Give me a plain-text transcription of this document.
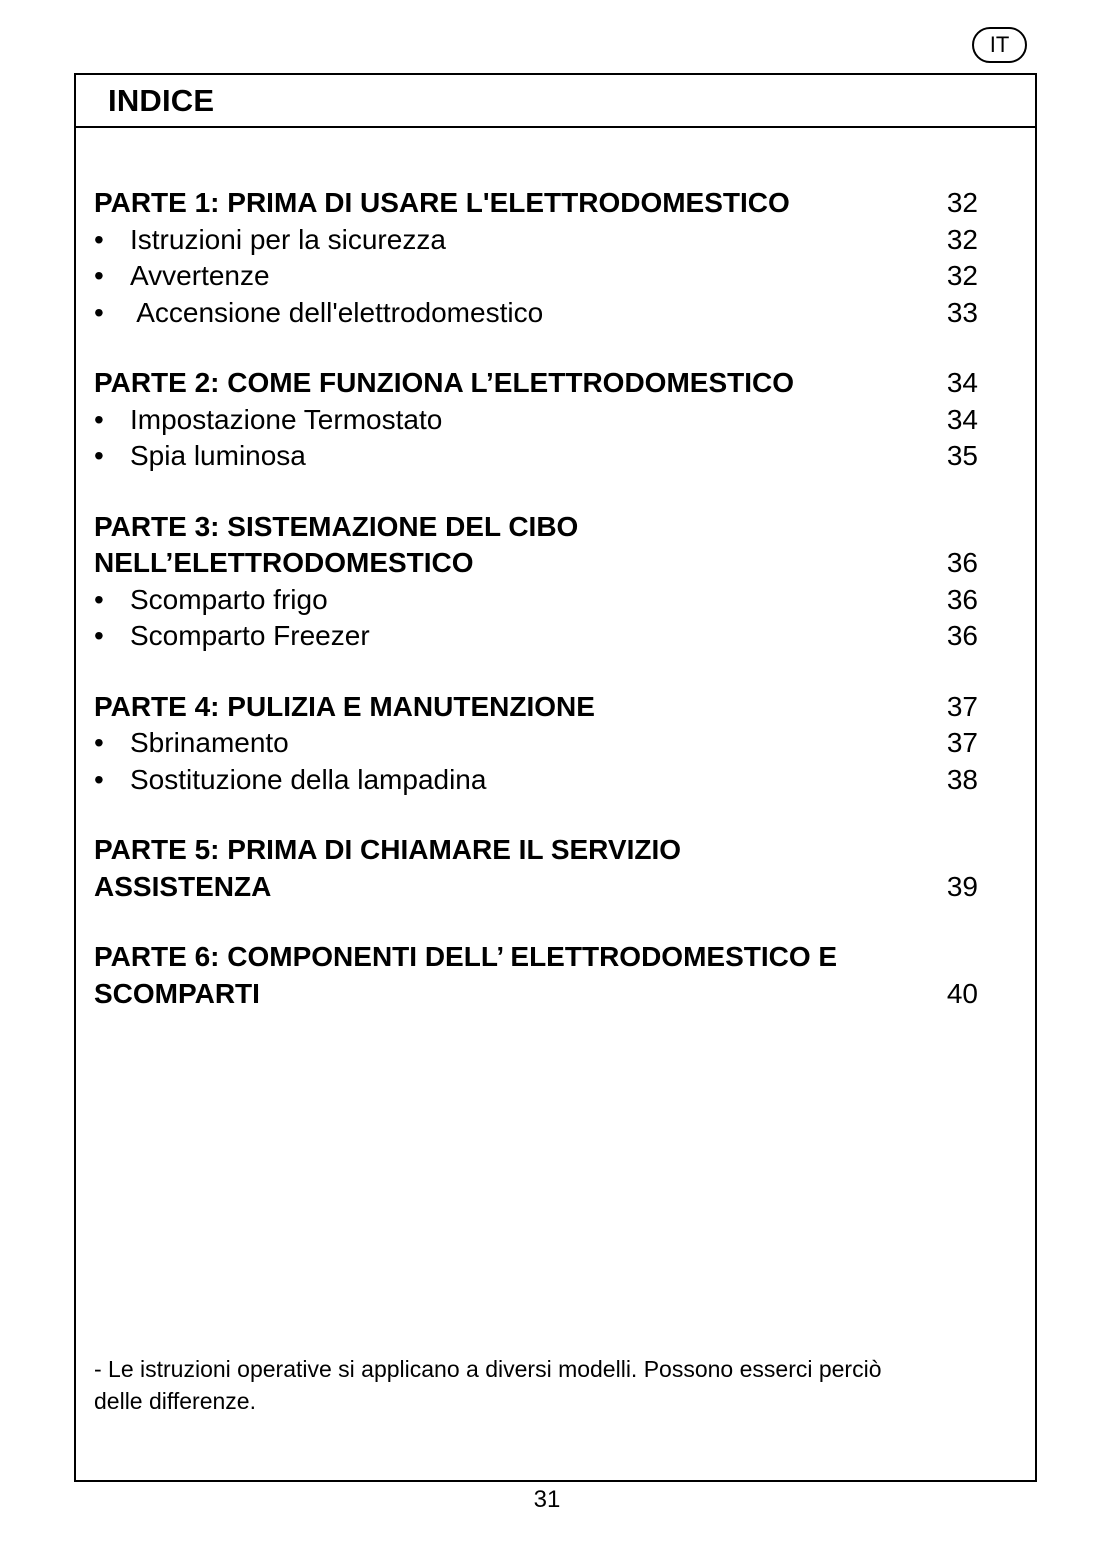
IT
INDICE
PARTE 1: PRIMA DI USARE L'ELETTRODOMESTICO	32
• Istruzioni per la sicurezza	32
• Avvertenze	32
• Accensione dell'elettrodomestico	33
PARTE 2: COME FUNZIONA L’ELETTRODOMESTICO	34
• Impostazione Termostato	34
• Spia luminosa	35
PARTE 3: SISTEMAZIONE DEL CIBO
NELL’ELETTRODOMESTICO	36
• Scomparto frigo	36
• Scomparto Freezer	36
PARTE 4: PULIZIA E MANUTENZIONE	37
• Sbrinamento	37
• Sostituzione della lampadina	38
PARTE 5: PRIMA DI CHIAMARE IL SERVIZIO
ASSISTENZA	39
PARTE 6: COMPONENTI DELL’ ELETTRODOMESTICO E
SCOMPARTI	40
- Le istruzioni operative si applicano a diversi modelli. Possono esserci perciò
delle differenze.
31
